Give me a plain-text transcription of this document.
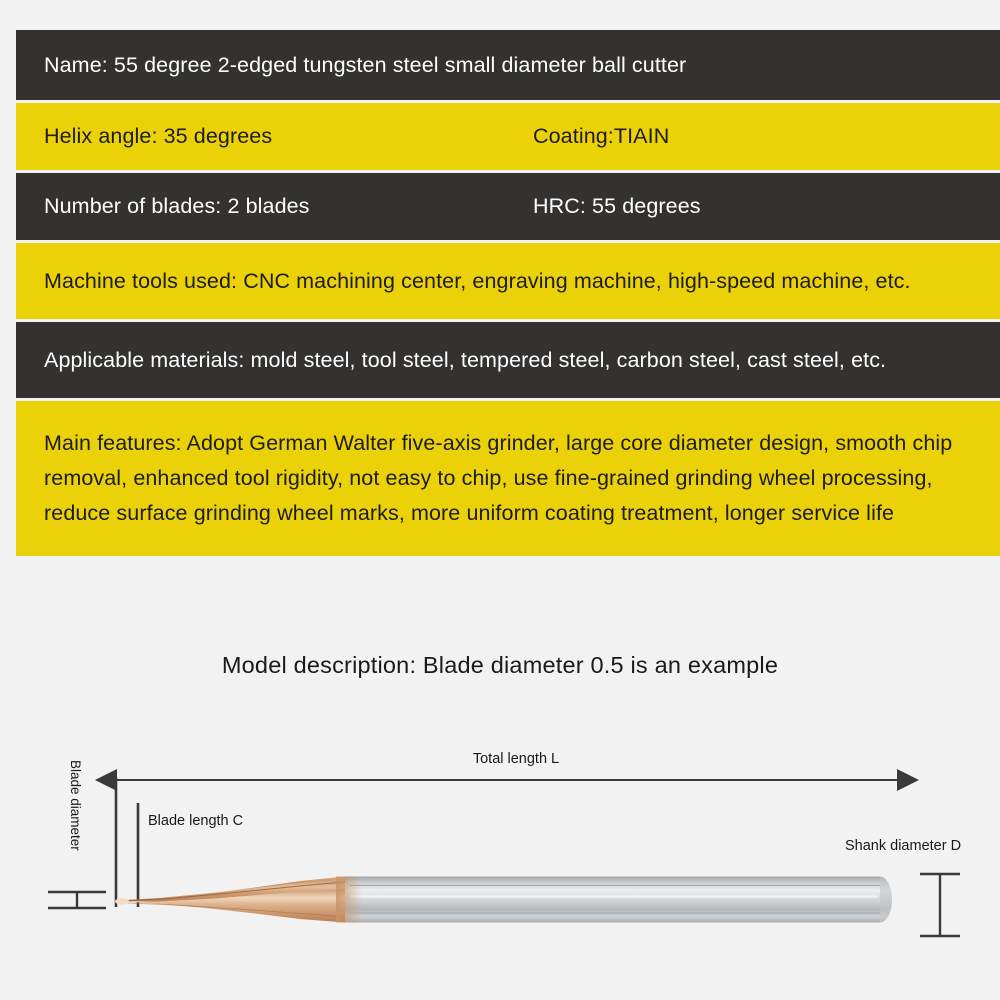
Name: 55 degree 2-edged tungsten steel small diameter ball cutter
Helix angle: 35 degrees	Coating:TIAIN
Number of blades: 2 blades	HRC: 55 degrees
Machine tools used: CNC machining center, engraving machine, high-speed machine, etc.
Applicable materials: mold steel, tool steel, tempered steel, carbon steel, cast steel, etc.
Main features: Adopt German Walter five-axis grinder, large core diameter design, smooth chip removal, enhanced tool rigidity, not easy to chip, use fine-grained grinding wheel processing, reduce surface grinding wheel marks, more uniform coating treatment, longer service life
Model description: Blade diameter 0.5 is an example
Total length L
Blade length C
Blade diameter	Shank diameter D
